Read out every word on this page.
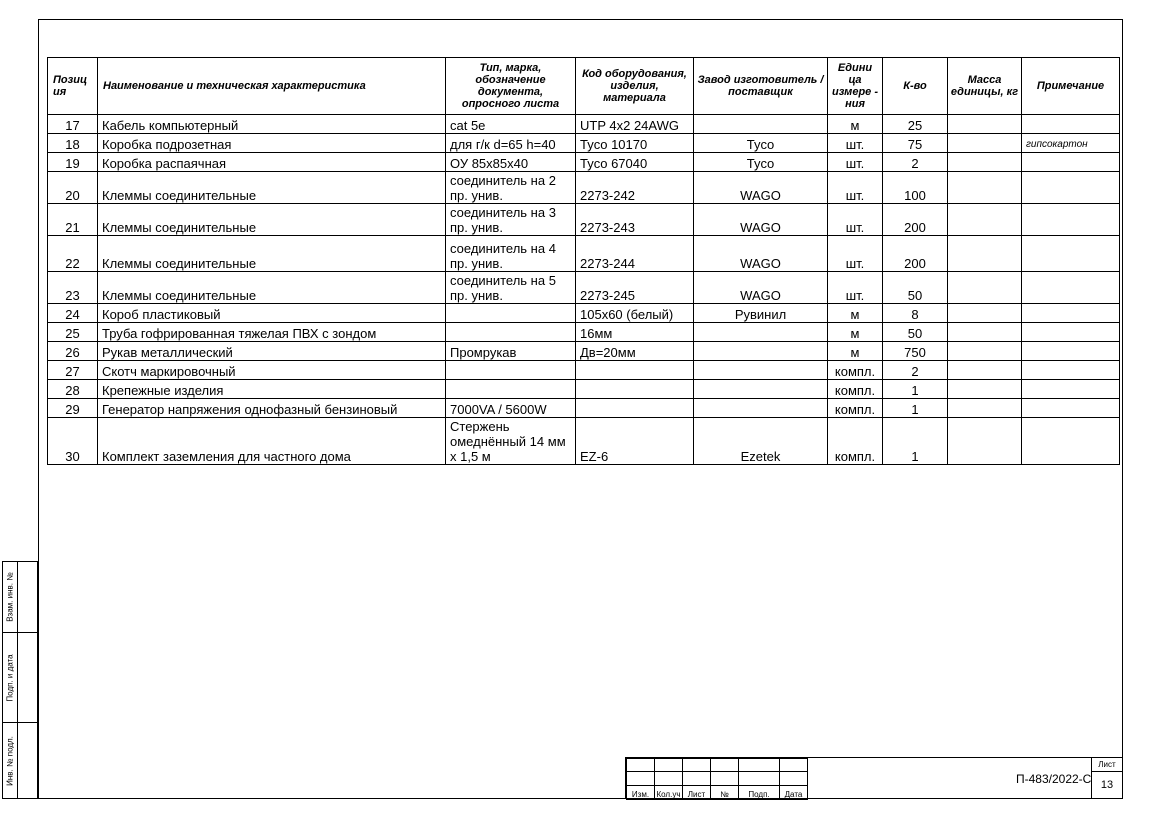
Позиц ия	Наименование и техническая характеристика	Тип, марка, обозначение документа, опросного листа	Код оборудования, изделия, материала	Завод изготовитель / поставщик	Едини ца измере - ния	К-во	Масса единицы, кг	Примечание
17	Кабель компьютерный	cat 5e	UTP 4x2 24AWG		м	25		
18	Коробка подрозетная	для г/к d=65 h=40	Tyco 10170	Tyco	шт.	75		гипсокартон
19	Коробка распаячная	ОУ 85х85х40	Tyco 67040	Tyco	шт.	2		
20	Клеммы соединительные	соединитель на 2 пр. унив.	2273-242	WAGO	шт.	100		
21	Клеммы соединительные	соединитель на 3 пр. унив.	2273-243	WAGO	шт.	200		
22	Клеммы соединительные	соединитель на 4 пр. унив.	2273-244	WAGO	шт.	200		
23	Клеммы соединительные	соединитель на 5 пр. унив.	2273-245	WAGO	шт.	50		
24	Короб пластиковый		105х60 (белый)	Рувинил	м	8		
25	Труба гофрированная тяжелая ПВХ с зондом		16мм		м	50		
26	Рукав металлический	Промрукав	Дв=20мм		м	750		
27	Скотч маркировочный				компл.	2		
28	Крепежные изделия				компл.	1		
29	Генератор напряжения однофазный бензиновый	7000VA / 5600W			компл.	1		
30	Комплект заземления для частного дома	Стержень омеднённый 14 мм х 1,5 м	EZ-6	Ezetek	компл.	1		
Взам. инв. №
Подп. и дата
Инв. № подл.

Изм.	Кол.уч	Лист	№	Подп.	Дата
П-483/2022-С
Лист
13
